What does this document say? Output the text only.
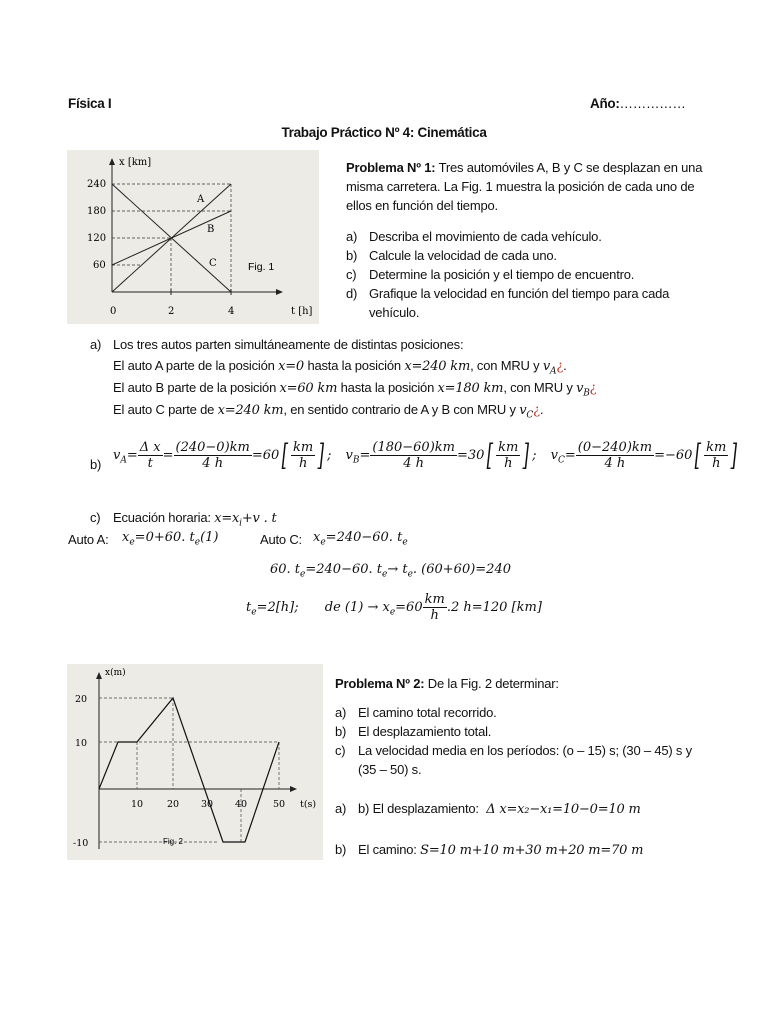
Física I	Año:……………
Trabajo Práctico Nº 4: Cinemática
x [km]
240
180
120
60
0	2	4	t [h]
A
B
C	Fig. 1
Problema Nº 1: Tres automóviles A, B y C se desplazan en una
misma carretera. La Fig. 1 muestra la posición de cada uno de
ellos en función del tiempo.
a) Describa el movimiento de cada vehículo.
b) Calcule la velocidad de cada uno.
c) Determine la posición y el tiempo de encuentro.
d) Grafique la velocidad en función del tiempo para cada
vehículo.
a) Los tres autos parten simultáneamente de distintas posiciones:
El auto A parte de la posición x=0 hasta la posición x=240 km, con MRU y $v_A¿$.
El auto B parte de la posición x=60 km hasta la posición x=180 km, con MRU y $v_B¿$
El auto C parte de x=240 km, en sentido contrario de A y B con MRU y $v_C¿$.
b)
$v_A= \frac{\text{Δ x}}{t} = \frac{(240-0)km}{4 h} =60[ \frac{km}{h}$ ] ; $v_B= \frac{(180-60)km}{4 h} =30[ \frac{km}{h}$ ] ; $v_C= \frac{(0-240)km}{4 h} =-60[ \frac{km}{h}$ ]
c) Ecuación horaria: $x=x_i+v$ . t
Auto A: $x_e=0+60$. $t_e(1)$	Auto C: $x_e=240-60$. $t_e$
60. $t_e=240-60$. $t_e\to t_e$. (60+60)=240
$t_e=2[h]$; de $(1) \to x_e=60 \frac{km}{h} .2$ h=120 [km]
x(m)
20
10
-10
10	20 30 40	50 t(s)
Fig. 2
Problema Nº 2: De la Fig. 2 determinar:
a) El camino total recorrido.
b) El desplazamiento total.
c) La velocidad media en los períodos: (o – 15) s; (30 – 45) s y
(35 – 50) s.
a) b) El desplazamiento: Δ x=x₂−x₁=10−0=10 m
b) El camino: S=10 m+10 m+30 m+20 m=70 m
